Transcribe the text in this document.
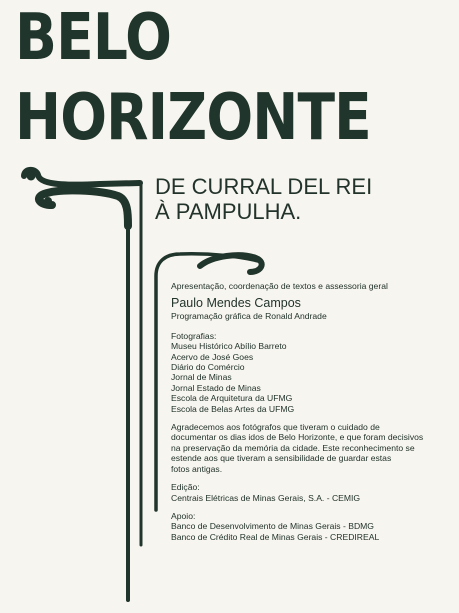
BELO
HORIZONTE
DE CURRAL DEL REI
À PAMPULHA.

Apresentação, coordenação de textos e assessoria geral

Paulo Mendes Campos

Programação gráfica de Ronald Andrade

Fotografias:

Museu Histórico Abílio Barreto

Acervo de José Goes

Diário do Comércio

Jornal de Minas

Jornal Estado de Minas

Escola de Arquitetura da UFMG

Escola de Belas Artes da UFMG

Agradecemos aos fotógrafos que tiveram o cuidado de

documentar os dias idos de Belo Horizonte, e que foram decisivos

na preservação da memória da cidade. Este reconhecimento se

estende aos que tiveram a sensibilidade de guardar estas

fotos antigas.

Edição:

Centrais Elétricas de Minas Gerais, S.A. - CEMIG

Apoio:

Banco de Desenvolvimento de Minas Gerais - BDMG

Banco de Crédito Real de Minas Gerais - CREDIREAL
